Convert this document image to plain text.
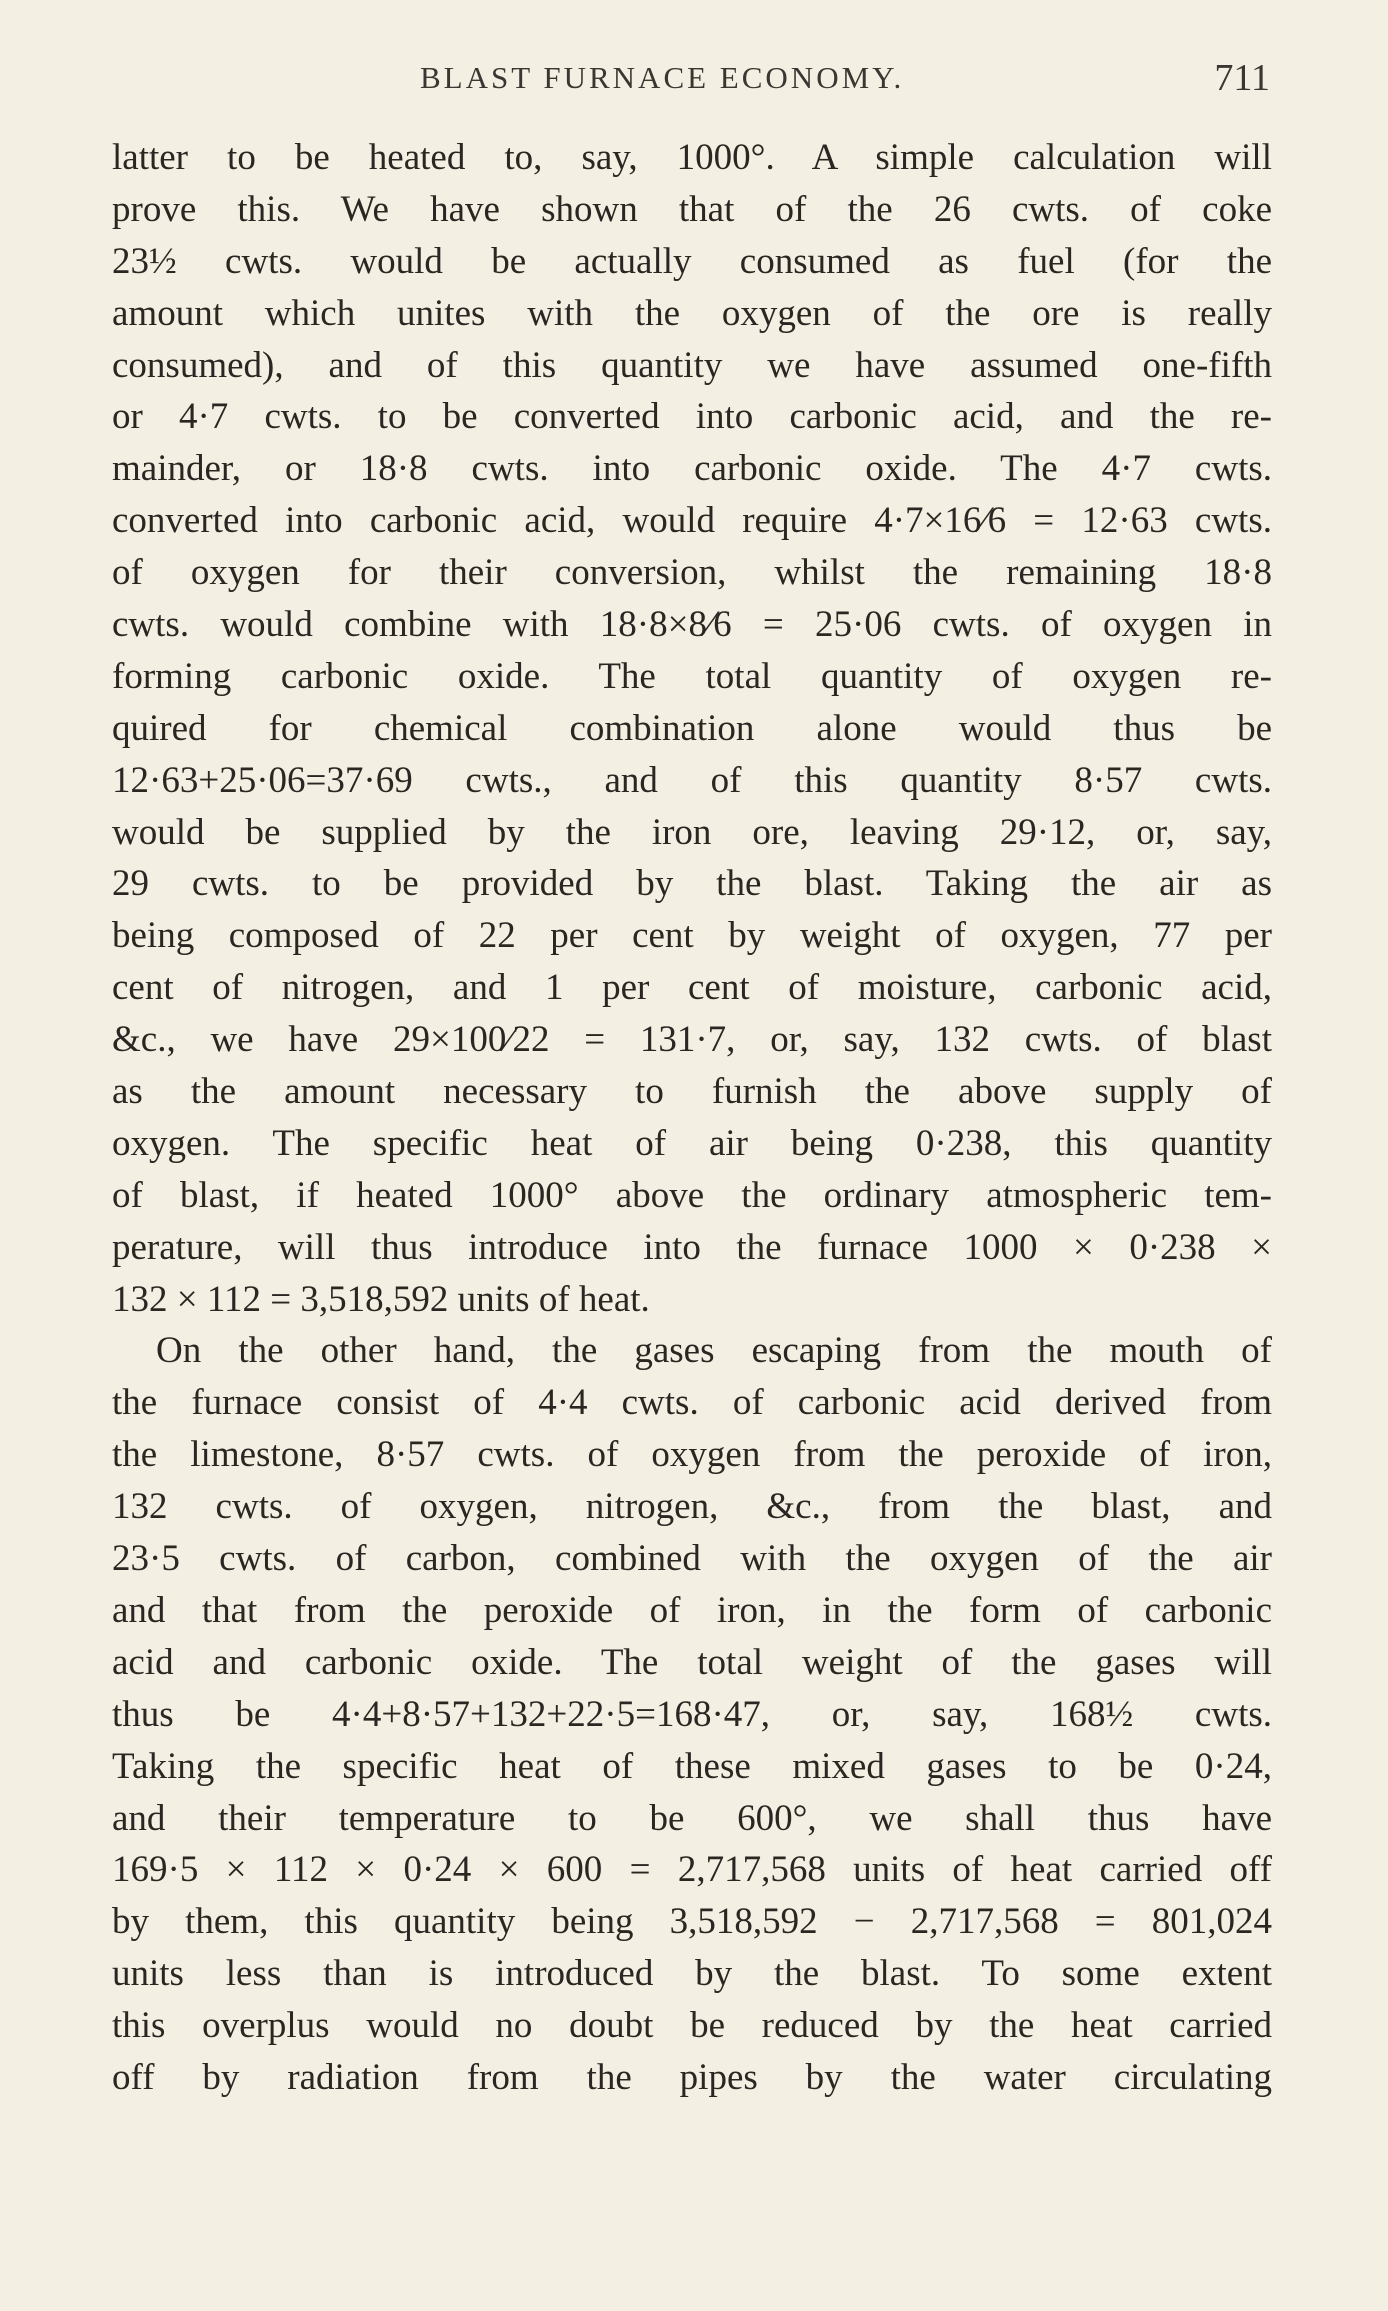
BLAST FURNACE ECONOMY.	711
latter to be heated to, say, 1000°. A simple calculation will
prove this. We have shown that of the 26 cwts. of coke
23½ cwts. would be actually consumed as fuel (for the
amount which unites with the oxygen of the ore is really
consumed), and of this quantity we have assumed one-fifth
or 4·7 cwts. to be converted into carbonic acid, and the re-
mainder, or 18·8 cwts. into carbonic oxide. The 4·7 cwts.
converted into carbonic acid, would require 4·7×16⁄6 = 12·63 cwts.
of oxygen for their conversion, whilst the remaining 18·8
cwts. would combine with 18·8×8⁄6 = 25·06 cwts. of oxygen in
forming carbonic oxide. The total quantity of oxygen re-
quired for chemical combination alone would thus be
12·63+25·06=37·69 cwts., and of this quantity 8·57 cwts.
would be supplied by the iron ore, leaving 29·12, or, say,
29 cwts. to be provided by the blast. Taking the air as
being composed of 22 per cent by weight of oxygen, 77 per
cent of nitrogen, and 1 per cent of moisture, carbonic acid,
&c., we have 29×100⁄22 = 131·7, or, say, 132 cwts. of blast
as the amount necessary to furnish the above supply of
oxygen. The specific heat of air being 0·238, this quantity
of blast, if heated 1000° above the ordinary atmospheric tem-
perature, will thus introduce into the furnace 1000 × 0·238 ×
132 × 112 = 3,518,592 units of heat.
On the other hand, the gases escaping from the mouth of
the furnace consist of 4·4 cwts. of carbonic acid derived from
the limestone, 8·57 cwts. of oxygen from the peroxide of iron,
132 cwts. of oxygen, nitrogen, &c., from the blast, and
23·5 cwts. of carbon, combined with the oxygen of the air
and that from the peroxide of iron, in the form of carbonic
acid and carbonic oxide. The total weight of the gases will
thus be 4·4+8·57+132+22·5=168·47, or, say, 168½ cwts.
Taking the specific heat of these mixed gases to be 0·24,
and their temperature to be 600°, we shall thus have
169·5 × 112 × 0·24 × 600 = 2,717,568 units of heat carried off
by them, this quantity being 3,518,592 − 2,717,568 = 801,024
units less than is introduced by the blast. To some extent
this overplus would no doubt be reduced by the heat carried
off by radiation from the pipes by the water circulating
